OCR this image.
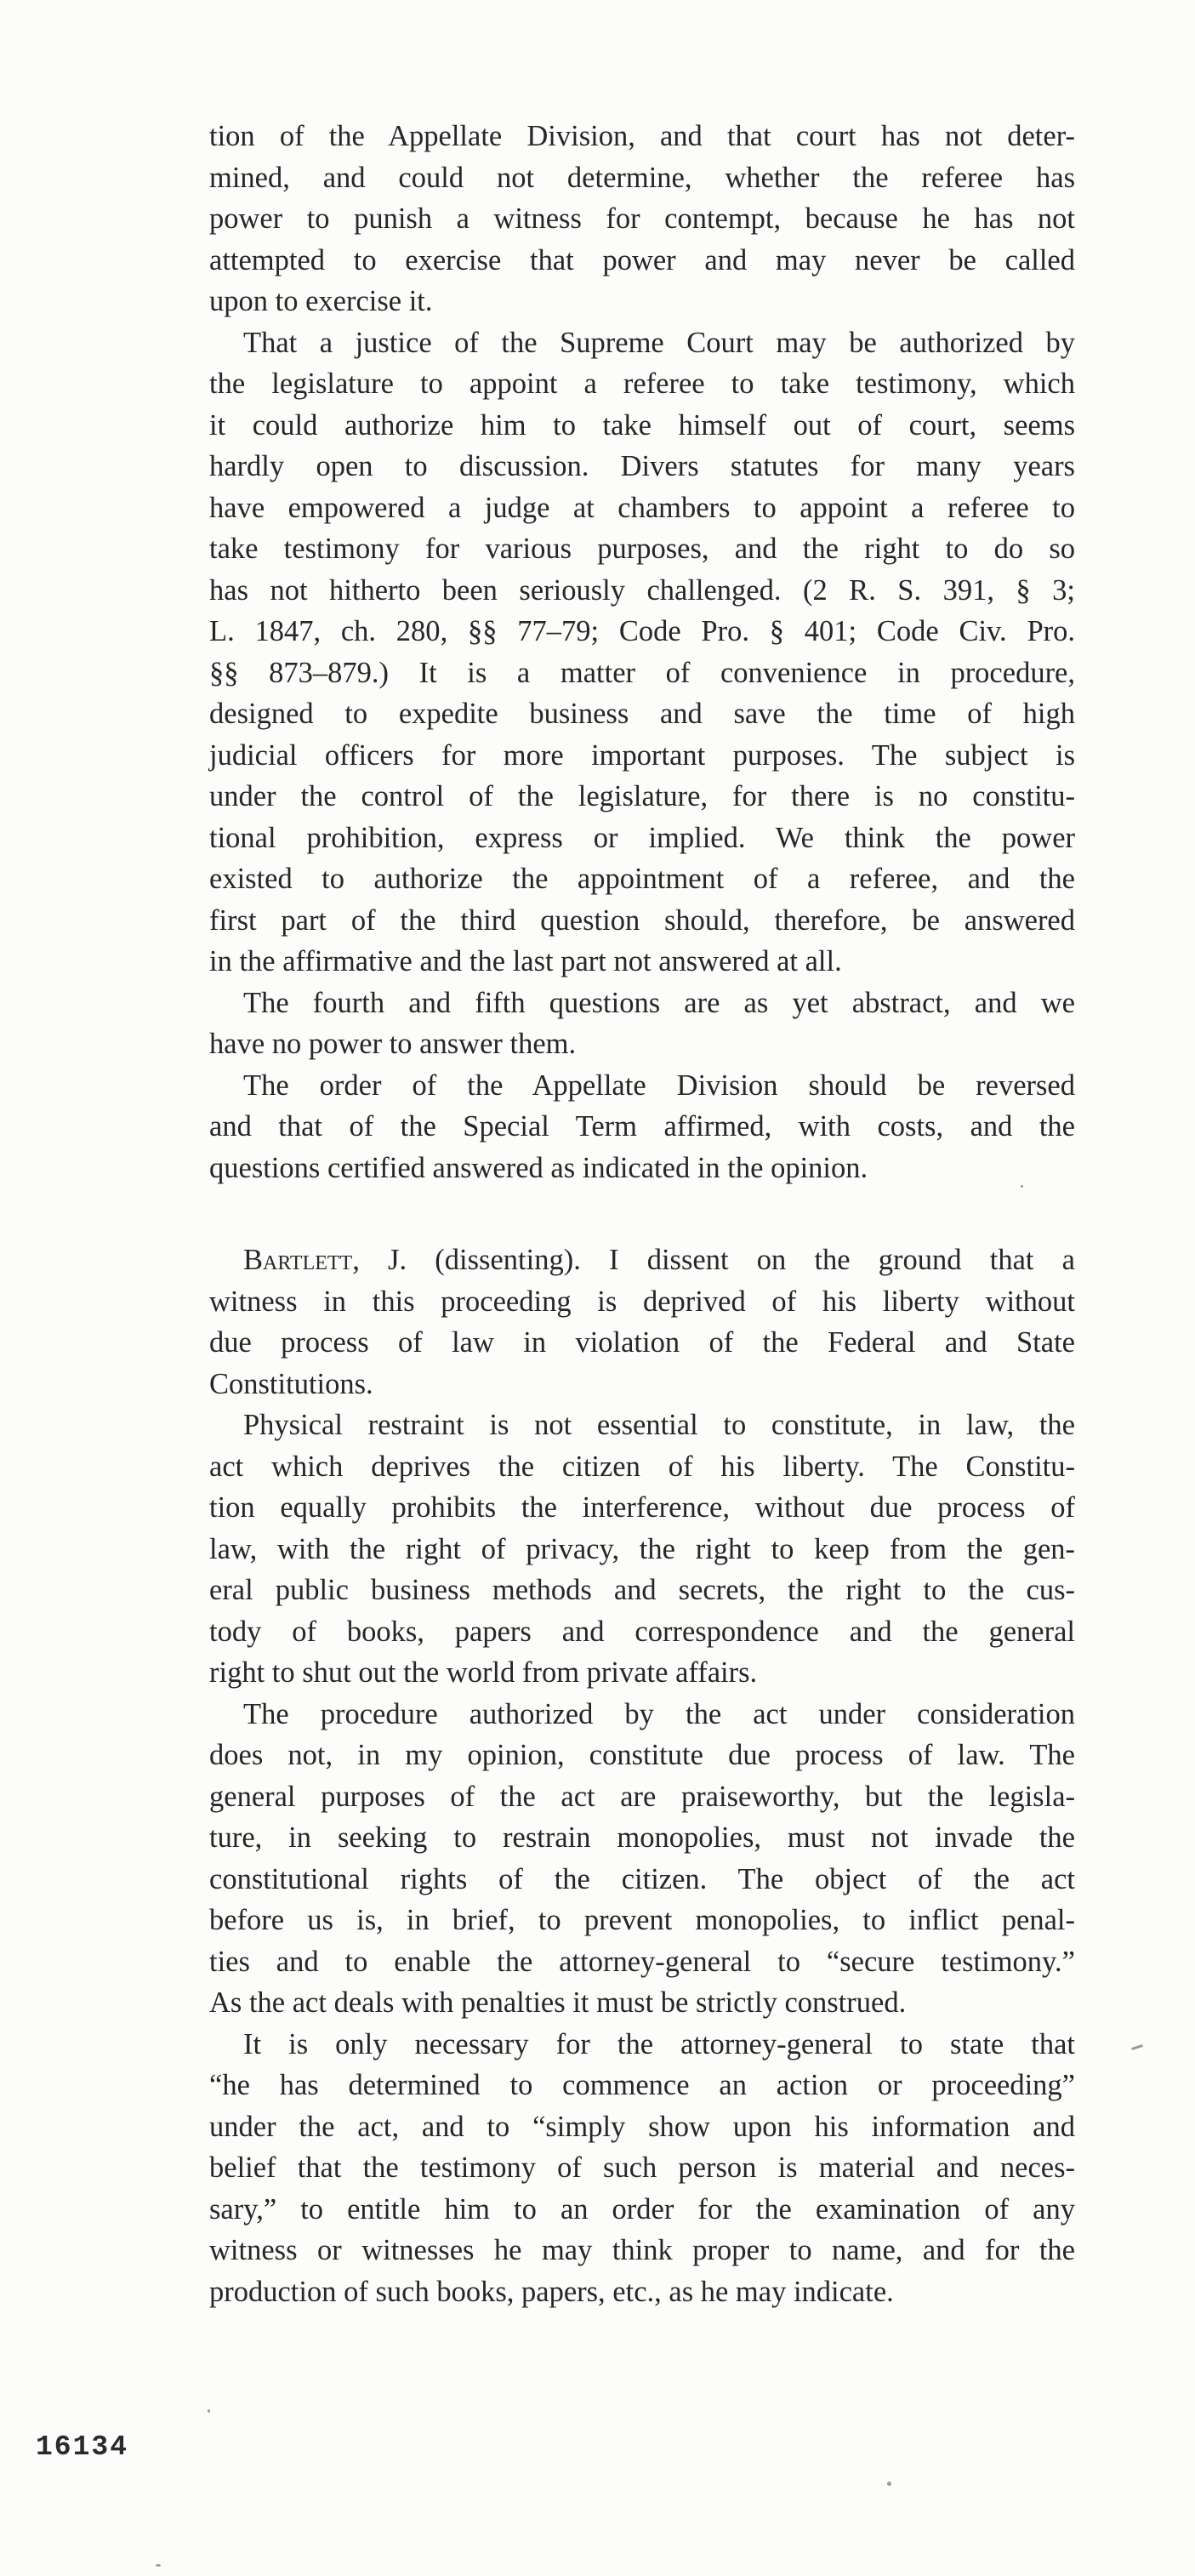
tion of the Appellate Division, and that court has not deter-
mined, and could not determine, whether the referee has
power to punish a witness for contempt, because he has not
attempted to exercise that power and may never be called
upon to exercise it.
That a justice of the Supreme Court may be authorized by
the legislature to appoint a referee to take testimony, which
it could authorize him to take himself out of court, seems
hardly open to discussion. Divers statutes for many years
have empowered a judge at chambers to appoint a referee to
take testimony for various purposes, and the right to do so
has not hitherto been seriously challenged. (2 R. S. 391, § 3;
L. 1847, ch. 280, §§ 77–79; Code Pro. § 401; Code Civ. Pro.
§§ 873–879.) It is a matter of convenience in procedure,
designed to expedite business and save the time of high
judicial officers for more important purposes. The subject is
under the control of the legislature, for there is no constitu-
tional prohibition, express or implied. We think the power
existed to authorize the appointment of a referee, and the
first part of the third question should, therefore, be answered
in the affirmative and the last part not answered at all.
The fourth and fifth questions are as yet abstract, and we
have no power to answer them.
The order of the Appellate Division should be reversed
and that of the Special Term affirmed, with costs, and the
questions certified answered as indicated in the opinion.
Bartlett, J. (dissenting). I dissent on the ground that a
witness in this proceeding is deprived of his liberty without
due process of law in violation of the Federal and State
Constitutions.
Physical restraint is not essential to constitute, in law, the
act which deprives the citizen of his liberty. The Constitu-
tion equally prohibits the interference, without due process of
law, with the right of privacy, the right to keep from the gen-
eral public business methods and secrets, the right to the cus-
tody of books, papers and correspondence and the general
right to shut out the world from private affairs.
The procedure authorized by the act under consideration
does not, in my opinion, constitute due process of law. The
general purposes of the act are praiseworthy, but the legisla-
ture, in seeking to restrain monopolies, must not invade the
constitutional rights of the citizen. The object of the act
before us is, in brief, to prevent monopolies, to inflict penal-
ties and to enable the attorney-general to “secure testimony.”
As the act deals with penalties it must be strictly construed.
It is only necessary for the attorney-general to state that
“he has determined to commence an action or proceeding”
under the act, and to “simply show upon his information and
belief that the testimony of such person is material and neces-
sary,” to entitle him to an order for the examination of any
witness or witnesses he may think proper to name, and for the
production of such books, papers, etc., as he may indicate.
16134
